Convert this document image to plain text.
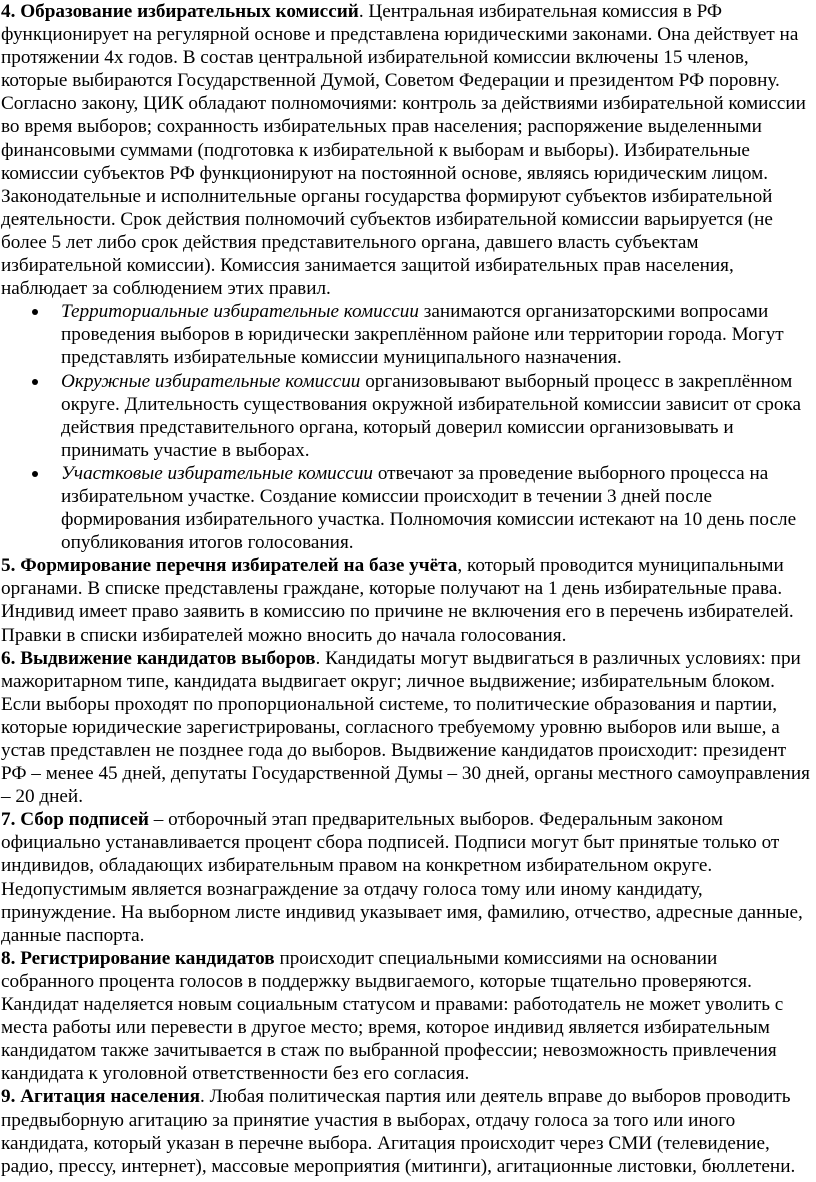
4. Образование избирательных комиссий. Центральная избирательная комиссия в РФ функционирует на регулярной основе и представлена юридическими законами. Она действует на протяжении 4х годов. В состав центральной избирательной комиссии включены 15 членов, которые выбираются Государственной Думой, Советом Федерации и президентом РФ поровну. Согласно закону, ЦИК обладают полномочиями: контроль за действиями избирательной комиссии во время выборов; сохранность избирательных прав населения; распоряжение выделенными финансовыми суммами (подготовка к избирательной к выборам и выборы). Избирательные комиссии субъектов РФ функционируют на постоянной основе, являясь юридическим лицом. Законодательные и исполнительные органы государства формируют субъектов избирательной деятельности. Срок действия полномочий субъектов избирательной комиссии варьируется (не более 5 лет либо срок действия представительного органа, давшего власть субъектам избирательной комиссии). Комиссия занимается защитой избирательных прав населения, наблюдает за соблюдением этих правил.

Территориальные избирательные комиссии занимаются организаторскими вопросами проведения выборов в юридически закреплённом районе или территории города. Могут представлять избирательные комиссии муниципального назначения.
Окружные избирательные комиссии организовывают выборный процесс в закреплённом округе. Длительность существования окружной избирательной комиссии зависит от срока действия представительного органа, который доверил комиссии организовывать и принимать участие в выборах.
Участковые избирательные комиссии отвечают за проведение выборного процесса на избирательном участке. Создание комиссии происходит в течении 3 дней после формирования избирательного участка. Полномочия комиссии истекают на 10 день после опубликования итогов голосования.

5. Формирование перечня избирателей на базе учёта, который проводится муниципальными органами. В списке представлены граждане, которые получают на 1 день избирательные права. Индивид имеет право заявить в комиссию по причине не включения его в перечень избирателей. Правки в списки избирателей можно вносить до начала голосования.

6. Выдвижение кандидатов выборов. Кандидаты могут выдвигаться в различных условиях: при мажоритарном типе, кандидата выдвигает округ; личное выдвижение; избирательным блоком. Если выборы проходят по пропорциональной системе, то политические образования и партии, которые юридические зарегистрированы, согласного требуемому уровню выборов или выше, а устав представлен не позднее года до выборов. Выдвижение кандидатов происходит: президент РФ – менее 45 дней, депутаты Государственной Думы – 30 дней, органы местного самоуправления – 20 дней.

7. Сбор подписей – отборочный этап предварительных выборов. Федеральным законом официально устанавливается процент сбора подписей. Подписи могут быт принятые только от индивидов, обладающих избирательным правом на конкретном избирательном округе. Недопустимым является вознаграждение за отдачу голоса тому или иному кандидату, принуждение. На выборном листе индивид указывает имя, фамилию, отчество, адресные данные, данные паспорта.

8. Регистрирование кандидатов происходит специальными комиссиями на основании собранного процента голосов в поддержку выдвигаемого, которые тщательно проверяются. Кандидат наделяется новым социальным статусом и правами: работодатель не может уволить с места работы или перевести в другое место; время, которое индивид является избирательным кандидатом также зачитывается в стаж по выбранной профессии; невозможность привлечения кандидата к уголовной ответственности без его согласия.

9. Агитация населения. Любая политическая партия или деятель вправе до выборов проводить предвыборную агитацию за принятие участия в выборах, отдачу голоса за того или иного кандидата, который указан в перечне выбора. Агитация происходит через СМИ (телевидение, радио, прессу, интернет), массовые мероприятия (митинги), агитационные листовки, бюллетени.
